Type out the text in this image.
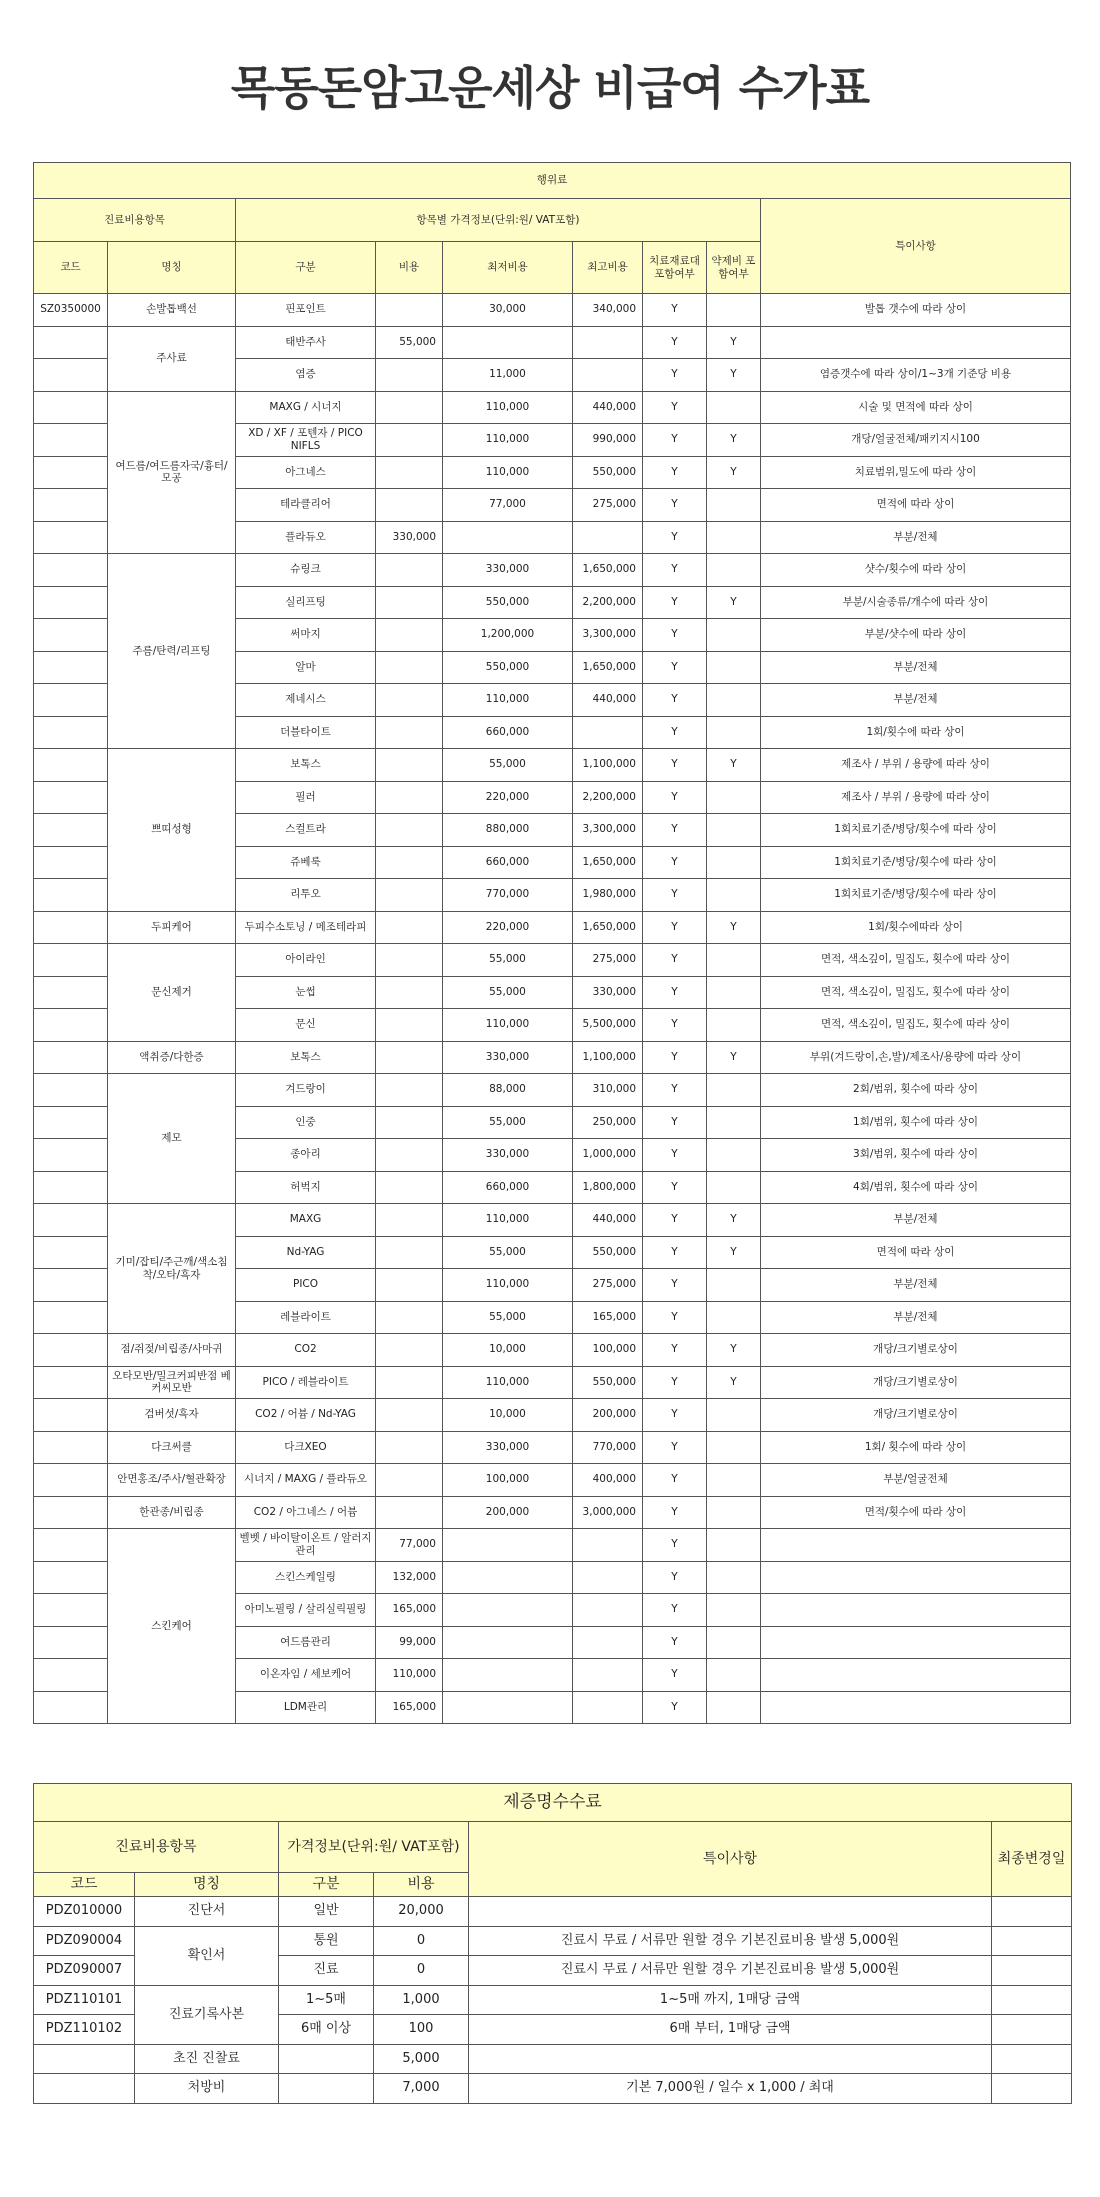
목동돈암고운세상 비급여 수가표
행위료								
진료비용항목		항목별 가격정보(단위:원/ VAT포함)						특이사항
코드	명칭	구분	비용	최저비용	최고비용	치료재료대 포함여부	약제비 포함여부	
SZ0350000	손발톱백선	핀포인트		30,000	340,000	Y		발톱 갯수에 따라 상이
	주사료	태반주사	55,000			Y	Y	
		염증		11,000		Y	Y	염증갯수에 따라 상이/1~3개 기준당 비용
	여드름/여드름자국/흉터/모공	MAXG / 시너지		110,000	440,000	Y		시술 및 면적에 따라 상이
		XD / XF / 포텐자 / PICO NIFLS		110,000	990,000	Y	Y	개당/얼굴전체/패키지시100
		아그네스		110,000	550,000	Y	Y	치료범위,밀도에 따라 상이
		테라클리어		77,000	275,000	Y		면적에 따라 상이
		플라듀오	330,000			Y		부분/전체
	주름/탄력/리프팅	슈링크		330,000	1,650,000	Y		샷수/횟수에 따라 상이
		실리프팅		550,000	2,200,000	Y	Y	부분/시술종류/개수에 따라 상이
		써마지		1,200,000	3,300,000	Y		부분/샷수에 따라 상이
		알마		550,000	1,650,000	Y		부분/전체
		제네시스		110,000	440,000	Y		부분/전체
		더블타이트		660,000		Y		1회/횟수에 따라 상이
	쁘띠성형	보톡스		55,000	1,100,000	Y	Y	제조사 / 부위 / 용량에 따라 상이
		필러		220,000	2,200,000	Y		제조사 / 부위 / 용량에 따라 상이
		스컬트라		880,000	3,300,000	Y		1회치료기준/병당/횟수에 따라 상이
		쥬베룩		660,000	1,650,000	Y		1회치료기준/병당/횟수에 따라 상이
		리투오		770,000	1,980,000	Y		1회치료기준/병당/횟수에 따라 상이
	두피케어	두피수소토닝 / 메조테라피		220,000	1,650,000	Y	Y	1회/횟수에따라 상이
	문신제거	아이라인		55,000	275,000	Y		면적, 색소깊이, 밀집도, 횟수에 따라 상이
		눈썹		55,000	330,000	Y		면적, 색소깊이, 밀집도, 횟수에 따라 상이
		문신		110,000	5,500,000	Y		면적, 색소깊이, 밀집도, 횟수에 따라 상이
	액취증/다한증	보톡스		330,000	1,100,000	Y	Y	부위(겨드랑이,손,발)/제조사/용량에 따라 상이
	제모	겨드랑이		88,000	310,000	Y		2회/범위, 횟수에 따라 상이
		인중		55,000	250,000	Y		1회/범위, 횟수에 따라 상이
		종아리		330,000	1,000,000	Y		3회/범위, 횟수에 따라 상이
		허벅지		660,000	1,800,000	Y		4회/범위, 횟수에 따라 상이
	기미/잡티/주근깨/색소침착/오타/흑자	MAXG		110,000	440,000	Y	Y	부분/전체
		Nd-YAG		55,000	550,000	Y	Y	면적에 따라 상이
		PICO		110,000	275,000	Y		부분/전체
		레블라이트		55,000	165,000	Y		부분/전체
	점/쥐젖/비립종/사마귀	CO2		10,000	100,000	Y	Y	개당/크기별로상이
	오타모반/밀크커피반점 베커씨모반	PICO / 레블라이트		110,000	550,000	Y	Y	개당/크기별로상이
	검버섯/흑자	CO2 / 어븀 / Nd-YAG		10,000	200,000	Y		개당/크기별로상이
	다크써클	다크XEO		330,000	770,000	Y		1회/ 횟수에 따라 상이
	안면홍조/주사/혈관확장	시너지 / MAXG / 플라듀오		100,000	400,000	Y		부분/얼굴전체
	한관종/비립종	CO2 / 아그네스 / 어븀		200,000	3,000,000	Y		면적/횟수에 따라 상이
	스킨케어	벨벳 / 바이탈이온트 / 알러지관리	77,000			Y		
		스킨스케일링	132,000			Y		
		아미노필링 / 살리실릭필링	165,000			Y		
		여드름관리	99,000			Y		
		이온자임 / 세보케어	110,000			Y		
		LDM관리	165,000			Y		
제증명수수료					
진료비용항목		가격정보(단위:원/ VAT포함)		특이사항	최종변경일
코드	명칭	구분	비용		
PDZ010000	진단서	일반	20,000		
PDZ090004	확인서	통원	0	진료시 무료 / 서류만 원할 경우 기본진료비용 발생 5,000원	
PDZ090007		진료	0	진료시 무료 / 서류만 원할 경우 기본진료비용 발생 5,000원	
PDZ110101	진료기록사본	1~5매	1,000	1~5매 까지, 1매당 금액	
PDZ110102		6매 이상	100	6매 부터, 1매당 금액	
	초진 진찰료		5,000		
	처방비		7,000	기본 7,000원 / 일수 x 1,000 / 최대	
